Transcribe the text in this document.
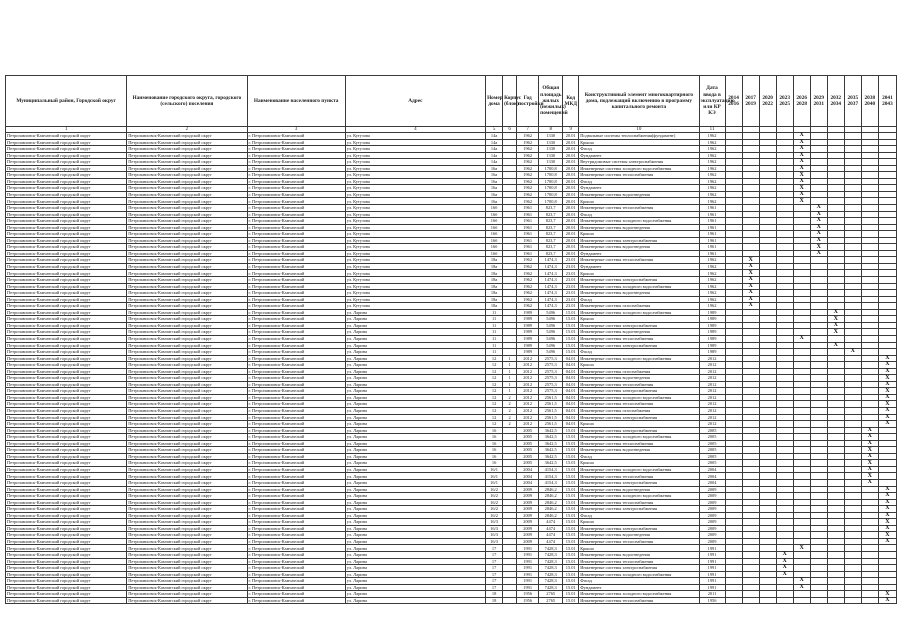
Муниципальный район, Городской округ	Наименование городского округа, городского (сельского) поселения	Наименование населенного пункта	Адрес	Номер дома	Корпус (блок)	Год постройки	Общая площадь жилых (нежилых) помещений	Код МКД	Конструктивный элемент многоквартирного дома, подлежащий включению в программу капитального ремонта	Дата ввода в эксплуатацию или КР КЭ	2014 2016	2017 2019	2020 2022	2023 2025	2026 2028	2029 2031	2032 2034	2035 2037	2038 2040	2041 2043
1	2	3	4	5	6	7	8	9	10	11										
Петропавловск-Камчатский городской округ	Петропавловск-Камчатский городской округ	г. Петропавловск-Камчатский	ул. Кутузова	14а		1962	1330	20.01	Подвальные системы теплоснабжения(фундамент)	1962					X					
Петропавловск-Камчатский городской округ	Петропавловск-Камчатский городской округ	г. Петропавловск-Камчатский	ул. Кутузова	14а		1962	1330	20.01	Крыша	1962					X					
Петропавловск-Камчатский городской округ	Петропавловск-Камчатский городской округ	г. Петропавловск-Камчатский	ул. Кутузова	14а		1962	1330	20.01	Фасад	1962					X					
Петропавловск-Камчатский городской округ	Петропавловск-Камчатский городской округ	г. Петропавловск-Камчатский	ул. Кутузова	14а		1962	1330	20.01	Фундамент	1962					X					
Петропавловск-Камчатский городской округ	Петропавловск-Камчатский городской округ	г. Петропавловск-Камчатский	ул. Кутузова	14а		1962	1330	20.01	Внутридомовые системы электроснабжения	1962					X					
Петропавловск-Камчатский городской округ	Петропавловск-Камчатский городской округ	г. Петропавловск-Камчатский	ул. Кутузова	16а		1962	1700,8	20.01	Инженерные системы холодного водоснабжения	1962					X					
Петропавловск-Камчатский городской округ	Петропавловск-Камчатский городской округ	г. Петропавловск-Камчатский	ул. Кутузова	16а		1962	1700,8	20.01	Инженерные системы теплоснабжения	1962					X					
Петропавловск-Камчатский городской округ	Петропавловск-Камчатский городской округ	г. Петропавловск-Камчатский	ул. Кутузова	16а		1962	1700,8	20.01	Фасад	1962					X					
Петропавловск-Камчатский городской округ	Петропавловск-Камчатский городской округ	г. Петропавловск-Камчатский	ул. Кутузова	16а		1962	1700,8	20.01	Фундамент	1962					X					
Петропавловск-Камчатский городской округ	Петропавловск-Камчатский городской округ	г. Петропавловск-Камчатский	ул. Кутузова	16а		1962	1700,8	20.01	Инженерные системы водоотведения	1962					X					
Петропавловск-Камчатский городской округ	Петропавловск-Камчатский городской округ	г. Петропавловск-Камчатский	ул. Кутузова	16а		1962	1700,8	20.01	Крыша	1962					X					
Петропавловск-Камчатский городской округ	Петропавловск-Камчатский городской округ	г. Петропавловск-Камчатский	ул. Кутузова	16б		1961	823,7	20.01	Инженерные системы теплоснабжения	1961						X				
Петропавловск-Камчатский городской округ	Петропавловск-Камчатский городской округ	г. Петропавловск-Камчатский	ул. Кутузова	16б		1961	823,7	20.01	Фасад	1961						X				
Петропавловск-Камчатский городской округ	Петропавловск-Камчатский городской округ	г. Петропавловск-Камчатский	ул. Кутузова	16б		1961	823,7	20.01	Инженерные системы холодного водоснабжения	1961						X				
Петропавловск-Камчатский городской округ	Петропавловск-Камчатский городской округ	г. Петропавловск-Камчатский	ул. Кутузова	16б		1961	823,7	20.01	Инженерные системы водоотведения	1961						X				
Петропавловск-Камчатский городской округ	Петропавловск-Камчатский городской округ	г. Петропавловск-Камчатский	ул. Кутузова	16б		1961	823,7	20.01	Крыша	1961						X				
Петропавловск-Камчатский городской округ	Петропавловск-Камчатский городской округ	г. Петропавловск-Камчатский	ул. Кутузова	16б		1961	823,7	20.01	Инженерные системы электроснабжения	1961						X				
Петропавловск-Камчатский городской округ	Петропавловск-Камчатский городской округ	г. Петропавловск-Камчатский	ул. Кутузова	16б		1961	823,7	20.01	Инженерные системы водоотведения	1961						X				
Петропавловск-Камчатский городской округ	Петропавловск-Камчатский городской округ	г. Петропавловск-Камчатский	ул. Кутузова	16б		1961	823,7	20.01	Фундамент	1961						X				
Петропавловск-Камчатский городской округ	Петропавловск-Камчатский городской округ	г. Петропавловск-Камчатский	ул. Кутузова	18а		1962	1474,3	23.01	Инженерные системы теплоснабжения	1962		X								
Петропавловск-Камчатский городской округ	Петропавловск-Камчатский городской округ	г. Петропавловск-Камчатский	ул. Кутузова	18а		1962	1474,3	23.01	Фундамент	1962		X								
Петропавловск-Камчатский городской округ	Петропавловск-Камчатский городской округ	г. Петропавловск-Камчатский	ул. Кутузова	18а		1962	1474,3	23.01	Крыша	1962		X								
Петропавловск-Камчатский городской округ	Петропавловск-Камчатский городской округ	г. Петропавловск-Камчатский	ул. Кутузова	18а		1962	1474,3	23.01	Инженерные системы электроснабжения	1962		X								
Петропавловск-Камчатский городской округ	Петропавловск-Камчатский городской округ	г. Петропавловск-Камчатский	ул. Кутузова	18а		1962	1474,3	23.01	Инженерные системы холодного водоснабжения	1962		X								
Петропавловск-Камчатский городской округ	Петропавловск-Камчатский городской округ	г. Петропавловск-Камчатский	ул. Кутузова	18а		1962	1474,3	23.01	Инженерные системы водоотведения	1962		X								
Петропавловск-Камчатский городской округ	Петропавловск-Камчатский городской округ	г. Петропавловск-Камчатский	ул. Кутузова	18а		1962	1474,3	23.01	Фасад	1962		X								
Петропавловск-Камчатский городской округ	Петропавловск-Камчатский городской округ	г. Петропавловск-Камчатский	ул. Кутузова	18а		1962	1474,3	23.01	Инженерные системы газоснабжения	1962		X								
Петропавловск-Камчатский городской округ	Петропавловск-Камчатский городской округ	г. Петропавловск-Камчатский	ул. Ларина	11		1989	5496	15.01	Инженерные системы холодного водоснабжения	1989							X			
Петропавловск-Камчатский городской округ	Петропавловск-Камчатский городской округ	г. Петропавловск-Камчатский	ул. Ларина	11		1989	5496	15.01	Крыша	1989							X			
Петропавловск-Камчатский городской округ	Петропавловск-Камчатский городской округ	г. Петропавловск-Камчатский	ул. Ларина	11		1989	5496	15.01	Инженерные системы электроснабжения	1989							X			
Петропавловск-Камчатский городской округ	Петропавловск-Камчатский городской округ	г. Петропавловск-Камчатский	ул. Ларина	11		1989	5496	15.01	Инженерные системы водоотведения	1989							X			
Петропавловск-Камчатский городской округ	Петропавловск-Камчатский городской округ	г. Петропавловск-Камчатский	ул. Ларина	11		1989	5496	15.01	Инженерные системы теплоснабжения	1989					X					
Петропавловск-Камчатский городской округ	Петропавловск-Камчатский городской округ	г. Петропавловск-Камчатский	ул. Ларина	11		1989	5496	15.01	Инженерные системы электроснабжения	1989							X			
Петропавловск-Камчатский городской округ	Петропавловск-Камчатский городской округ	г. Петропавловск-Камчатский	ул. Ларина	11		1989	5496	15.01	Фасад	1989								X		
Петропавловск-Камчатский городской округ	Петропавловск-Камчатский городской округ	г. Петропавловск-Камчатский	ул. Ларина	12	1	2012	2575,3	04.01	Инженерные системы холодного водоснабжения	2012										X
Петропавловск-Камчатский городской округ	Петропавловск-Камчатский городской округ	г. Петропавловск-Камчатский	ул. Ларина	12	1	2012	2575,3	04.01	Крыша	2012										X
Петропавловск-Камчатский городской округ	Петропавловск-Камчатский городской округ	г. Петропавловск-Камчатский	ул. Ларина	12	1	2012	2575,3	04.01	Инженерные системы газоснабжения	2012										X
Петропавловск-Камчатский городской округ	Петропавловск-Камчатский городской округ	г. Петропавловск-Камчатский	ул. Ларина	12	1	2012	2575,3	04.01	Инженерные системы водоотведения	2012										X
Петропавловск-Камчатский городской округ	Петропавловск-Камчатский городской округ	г. Петропавловск-Камчатский	ул. Ларина	12	1	2012	2575,3	04.01	Инженерные системы теплоснабжения	2012										X
Петропавловск-Камчатский городской округ	Петропавловск-Камчатский городской округ	г. Петропавловск-Камчатский	ул. Ларина	12	1	2012	2575,3	04.01	Инженерные системы электроснабжения	2012										X
Петропавловск-Камчатский городской округ	Петропавловск-Камчатский городской округ	г. Петропавловск-Камчатский	ул. Ларина	12	2	2012	2561,5	04.01	Инженерные системы холодного водоснабжения	2012										X
Петропавловск-Камчатский городской округ	Петропавловск-Камчатский городской округ	г. Петропавловск-Камчатский	ул. Ларина	12	2	2012	2561,5	04.01	Инженерные системы теплоснабжения	2012										X
Петропавловск-Камчатский городской округ	Петропавловск-Камчатский городской округ	г. Петропавловск-Камчатский	ул. Ларина	12	2	2012	2561,5	04.01	Инженерные системы газоснабжения	2012										X
Петропавловск-Камчатский городской округ	Петропавловск-Камчатский городской округ	г. Петропавловск-Камчатский	ул. Ларина	12	2	2012	2561,5	04.01	Инженерные системы электроснабжения	2012										X
Петропавловск-Камчатский городской округ	Петропавловск-Камчатский городской округ	г. Петропавловск-Камчатский	ул. Ларина	12	2	2012	2561,5	04.01	Крыша	2012										X
Петропавловск-Камчатский городской округ	Петропавловск-Камчатский городской округ	г. Петропавловск-Камчатский	ул. Ларина	16		2005	3642,5	15.01	Инженерные системы электроснабжения	2005									X	
Петропавловск-Камчатский городской округ	Петропавловск-Камчатский городской округ	г. Петропавловск-Камчатский	ул. Ларина	16		2005	3642,5	15.01	Инженерные системы холодного водоснабжения	2005									X	
Петропавловск-Камчатский городской округ	Петропавловск-Камчатский городской округ	г. Петропавловск-Камчатский	ул. Ларина	16		2005	3642,5	15.01	Инженерные системы теплоснабжения	2005									X	
Петропавловск-Камчатский городской округ	Петропавловск-Камчатский городской округ	г. Петропавловск-Камчатский	ул. Ларина	16		2005	3642,5	15.01	Инженерные системы водоотведения	2005									X	
Петропавловск-Камчатский городской округ	Петропавловск-Камчатский городской округ	г. Петропавловск-Камчатский	ул. Ларина	16		2005	3642,5	15.01	Фасад	2005									X	
Петропавловск-Камчатский городской округ	Петропавловск-Камчатский городской округ	г. Петропавловск-Камчатский	ул. Ларина	16		2005	3642,5	15.01	Крыша	2005									X	
Петропавловск-Камчатский городской округ	Петропавловск-Камчатский городской округ	г. Петропавловск-Камчатский	ул. Ларина	16/1		2004	4154,3	15.01	Инженерные системы холодного водоснабжения	2004									X	
Петропавловск-Камчатский городской округ	Петропавловск-Камчатский городской округ	г. Петропавловск-Камчатский	ул. Ларина	16/1		2004	4154,3	15.01	Инженерные системы теплоснабжения	2004									X	
Петропавловск-Камчатский городской округ	Петропавловск-Камчатский городской округ	г. Петропавловск-Камчатский	ул. Ларина	16/1		2004	4154,3	15.01	Инженерные системы электроснабжения	2004									X	
Петропавловск-Камчатский городской округ	Петропавловск-Камчатский городской округ	г. Петропавловск-Камчатский	ул. Ларина	16/2		2009	2846,2	15.01	Инженерные системы водоотведения	2009										X
Петропавловск-Камчатский городской округ	Петропавловск-Камчатский городской округ	г. Петропавловск-Камчатский	ул. Ларина	16/2		2009	2846,2	15.01	Инженерные системы холодного водоснабжения	2009										X
Петропавловск-Камчатский городской округ	Петропавловск-Камчатский городской округ	г. Петропавловск-Камчатский	ул. Ларина	16/2		2009	2846,2	15.01	Инженерные системы теплоснабжения	2009										X
Петропавловск-Камчатский городской округ	Петропавловск-Камчатский городской округ	г. Петропавловск-Камчатский	ул. Ларина	16/2		2009	2846,2	15.01	Инженерные системы электроснабжения	2009										X
Петропавловск-Камчатский городской округ	Петропавловск-Камчатский городской округ	г. Петропавловск-Камчатский	ул. Ларина	16/2		2009	2846,2	15.01	Фасад	2009										X
Петропавловск-Камчатский городской округ	Петропавловск-Камчатский городской округ	г. Петропавловск-Камчатский	ул. Ларина	16/3		2009	4474	15.01	Крыша	2009										X
Петропавловск-Камчатский городской округ	Петропавловск-Камчатский городской округ	г. Петропавловск-Камчатский	ул. Ларина	16/3		2009	4474	15.01	Инженерные системы электроснабжения	2009										X
Петропавловск-Камчатский городской округ	Петропавловск-Камчатский городской округ	г. Петропавловск-Камчатский	ул. Ларина	16/3		2009	4474	15.01	Инженерные системы водоотведения	2009										X
Петропавловск-Камчатский городской округ	Петропавловск-Камчатский городской округ	г. Петропавловск-Камчатский	ул. Ларина	16/3		2009	4474	15.01	Инженерные системы теплоснабжения	2009										X
Петропавловск-Камчатский городской округ	Петропавловск-Камчатский городской округ	г. Петропавловск-Камчатский	ул. Ларина	17		1991	7428,3	15.01	Крыша	1991					X					
Петропавловск-Камчатский городской округ	Петропавловск-Камчатский городской округ	г. Петропавловск-Камчатский	ул. Ларина	17		1991	7428,3	15.01	Инженерные системы водоотведения	1991				X						
Петропавловск-Камчатский городской округ	Петропавловск-Камчатский городской округ	г. Петропавловск-Камчатский	ул. Ларина	17		1991	7428,3	15.01	Инженерные системы теплоснабжения	1991				X						
Петропавловск-Камчатский городской округ	Петропавловск-Камчатский городской округ	г. Петропавловск-Камчатский	ул. Ларина	17		1991	7428,3	15.01	Инженерные системы электроснабжения	1991				X						
Петропавловск-Камчатский городской округ	Петропавловск-Камчатский городской округ	г. Петропавловск-Камчатский	ул. Ларина	17		1991	7428,3	15.01	Инженерные системы холодного водоснабжения	1991				X						
Петропавловск-Камчатский городской округ	Петропавловск-Камчатский городской округ	г. Петропавловск-Камчатский	ул. Ларина	17		1991	7428,3	15.01	Фасад	1991					X					
Петропавловск-Камчатский городской округ	Петропавловск-Камчатский городской округ	г. Петропавловск-Камчатский	ул. Ларина	17		1991	7428,3	15.01	Фундамент	1991					X					
Петропавловск-Камчатский городской округ	Петропавловск-Камчатский городской округ	г. Петропавловск-Камчатский	ул. Ларина	18		1956	2765	15.01	Инженерные системы холодного водоснабжения	2011										X
Петропавловск-Камчатский городской округ	Петропавловск-Камчатский городской округ	г. Петропавловск-Камчатский	ул. Ларина	18		1956	2765	15.01	Инженерные системы теплоснабжения	1956										X
